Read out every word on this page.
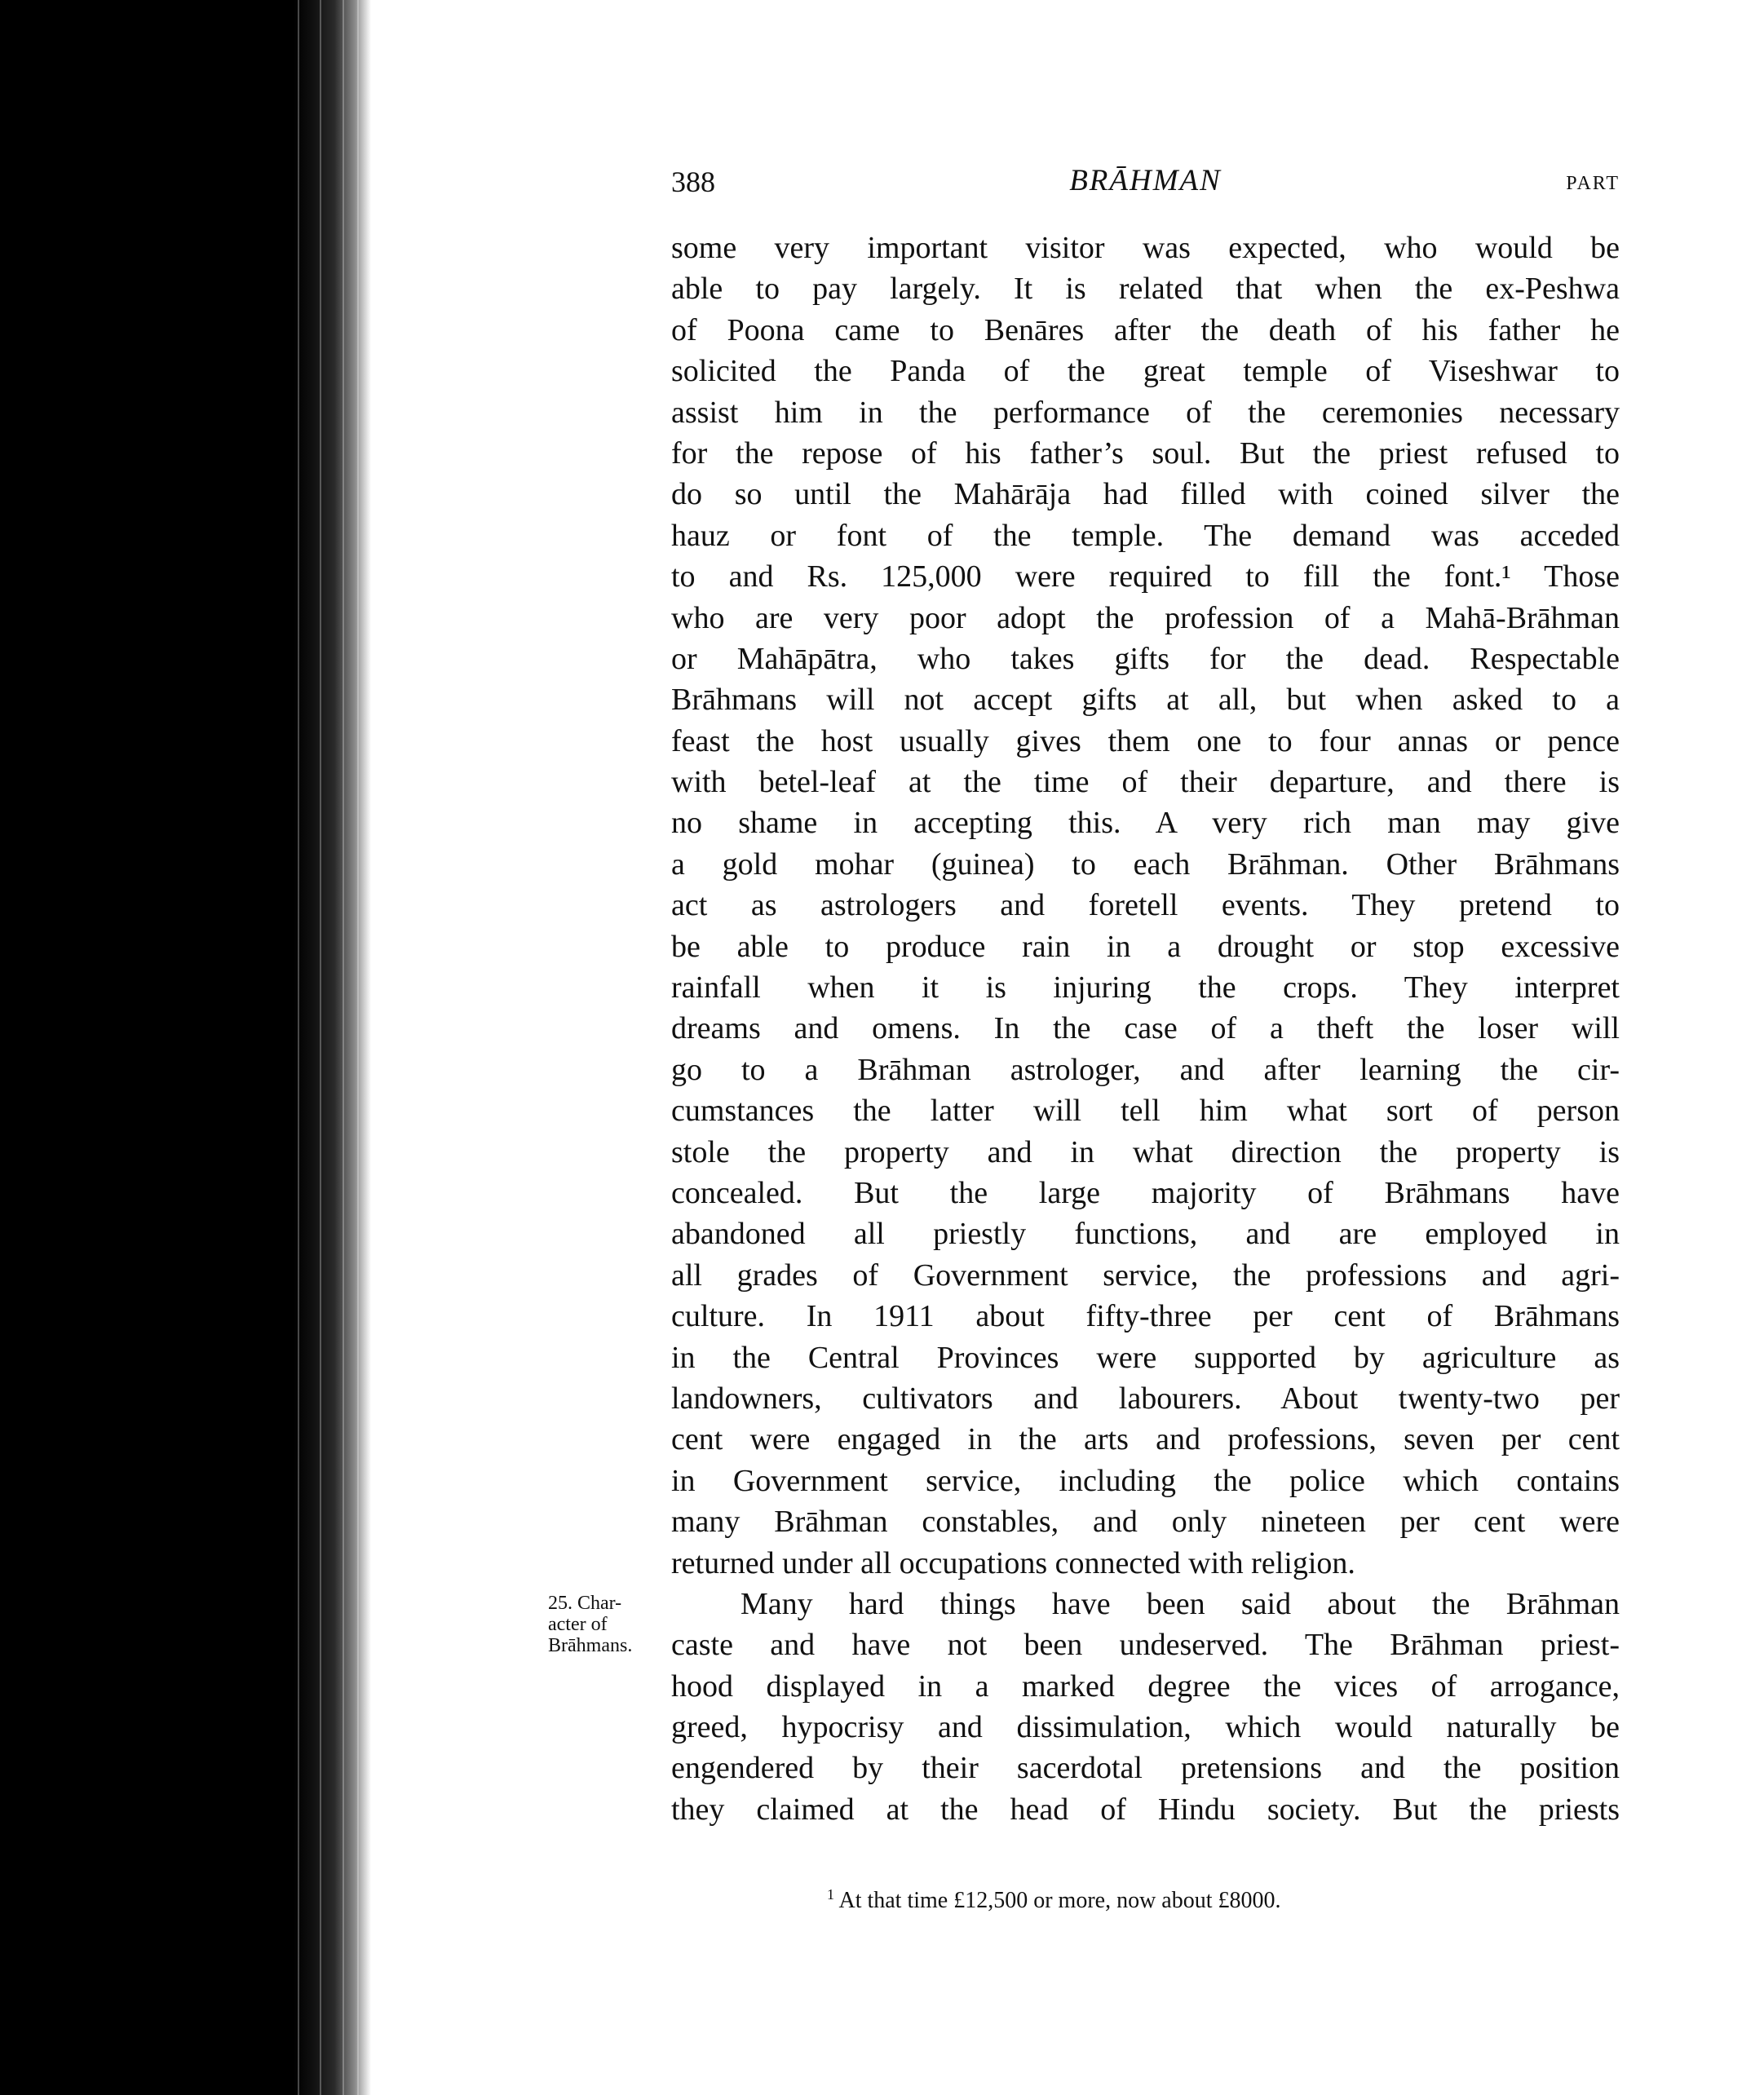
388	BRĀHMAN	PART
25. Char-
acter of
Brāhmans.
some very important visitor was expected, who would be
able to pay largely. It is related that when the ex-Peshwa
of Poona came to Benāres after the death of his father he
solicited the Panda of the great temple of Viseshwar to
assist him in the performance of the ceremonies necessary
for the repose of his father’s soul. But the priest refused to
do so until the Mahārāja had filled with coined silver the
hauz or font of the temple. The demand was acceded
to and Rs. 125,000 were required to fill the font.¹ Those
who are very poor adopt the profession of a Mahā-Brāhman
or Mahāpātra, who takes gifts for the dead. Respectable
Brāhmans will not accept gifts at all, but when asked to a
feast the host usually gives them one to four annas or pence
with betel-leaf at the time of their departure, and there is
no shame in accepting this. A very rich man may give
a gold mohar (guinea) to each Brāhman. Other Brāhmans
act as astrologers and foretell events. They pretend to
be able to produce rain in a drought or stop excessive
rainfall when it is injuring the crops. They interpret
dreams and omens. In the case of a theft the loser will
go to a Brāhman astrologer, and after learning the cir-
cumstances the latter will tell him what sort of person
stole the property and in what direction the property is
concealed. But the large majority of Brāhmans have
abandoned all priestly functions, and are employed in
all grades of Government service, the professions and agri-
culture. In 1911 about fifty-three per cent of Brāhmans
in the Central Provinces were supported by agriculture as
landowners, cultivators and labourers. About twenty-two per
cent were engaged in the arts and professions, seven per cent
in Government service, including the police which contains
many Brāhman constables, and only nineteen per cent were
returned under all occupations connected with religion.
Many hard things have been said about the Brāhman
caste and have not been undeserved. The Brāhman priest-
hood displayed in a marked degree the vices of arrogance,
greed, hypocrisy and dissimulation, which would naturally be
engendered by their sacerdotal pretensions and the position
they claimed at the head of Hindu society. But the priests
$^1$ At that time £12,500 or more, now about £8000.
